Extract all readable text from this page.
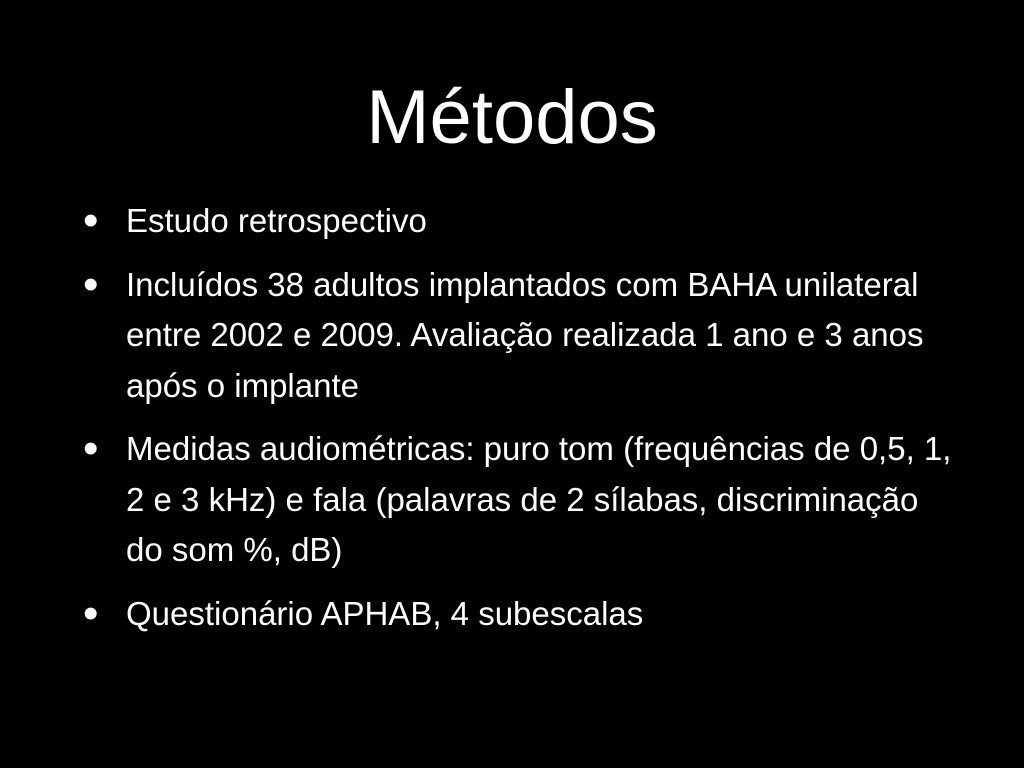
Métodos
• Estudo retrospectivo
• Incluídos 38 adultos implantados com BAHA unilateral entre 2002 e 2009. Avaliação realizada 1 ano e 3 anos após o implante
• Medidas audiométricas: puro tom (frequências de 0,5, 1, 2 e 3 kHz) e fala (palavras de 2 sílabas, discriminação do som %, dB)
• Questionário APHAB, 4 subescalas
